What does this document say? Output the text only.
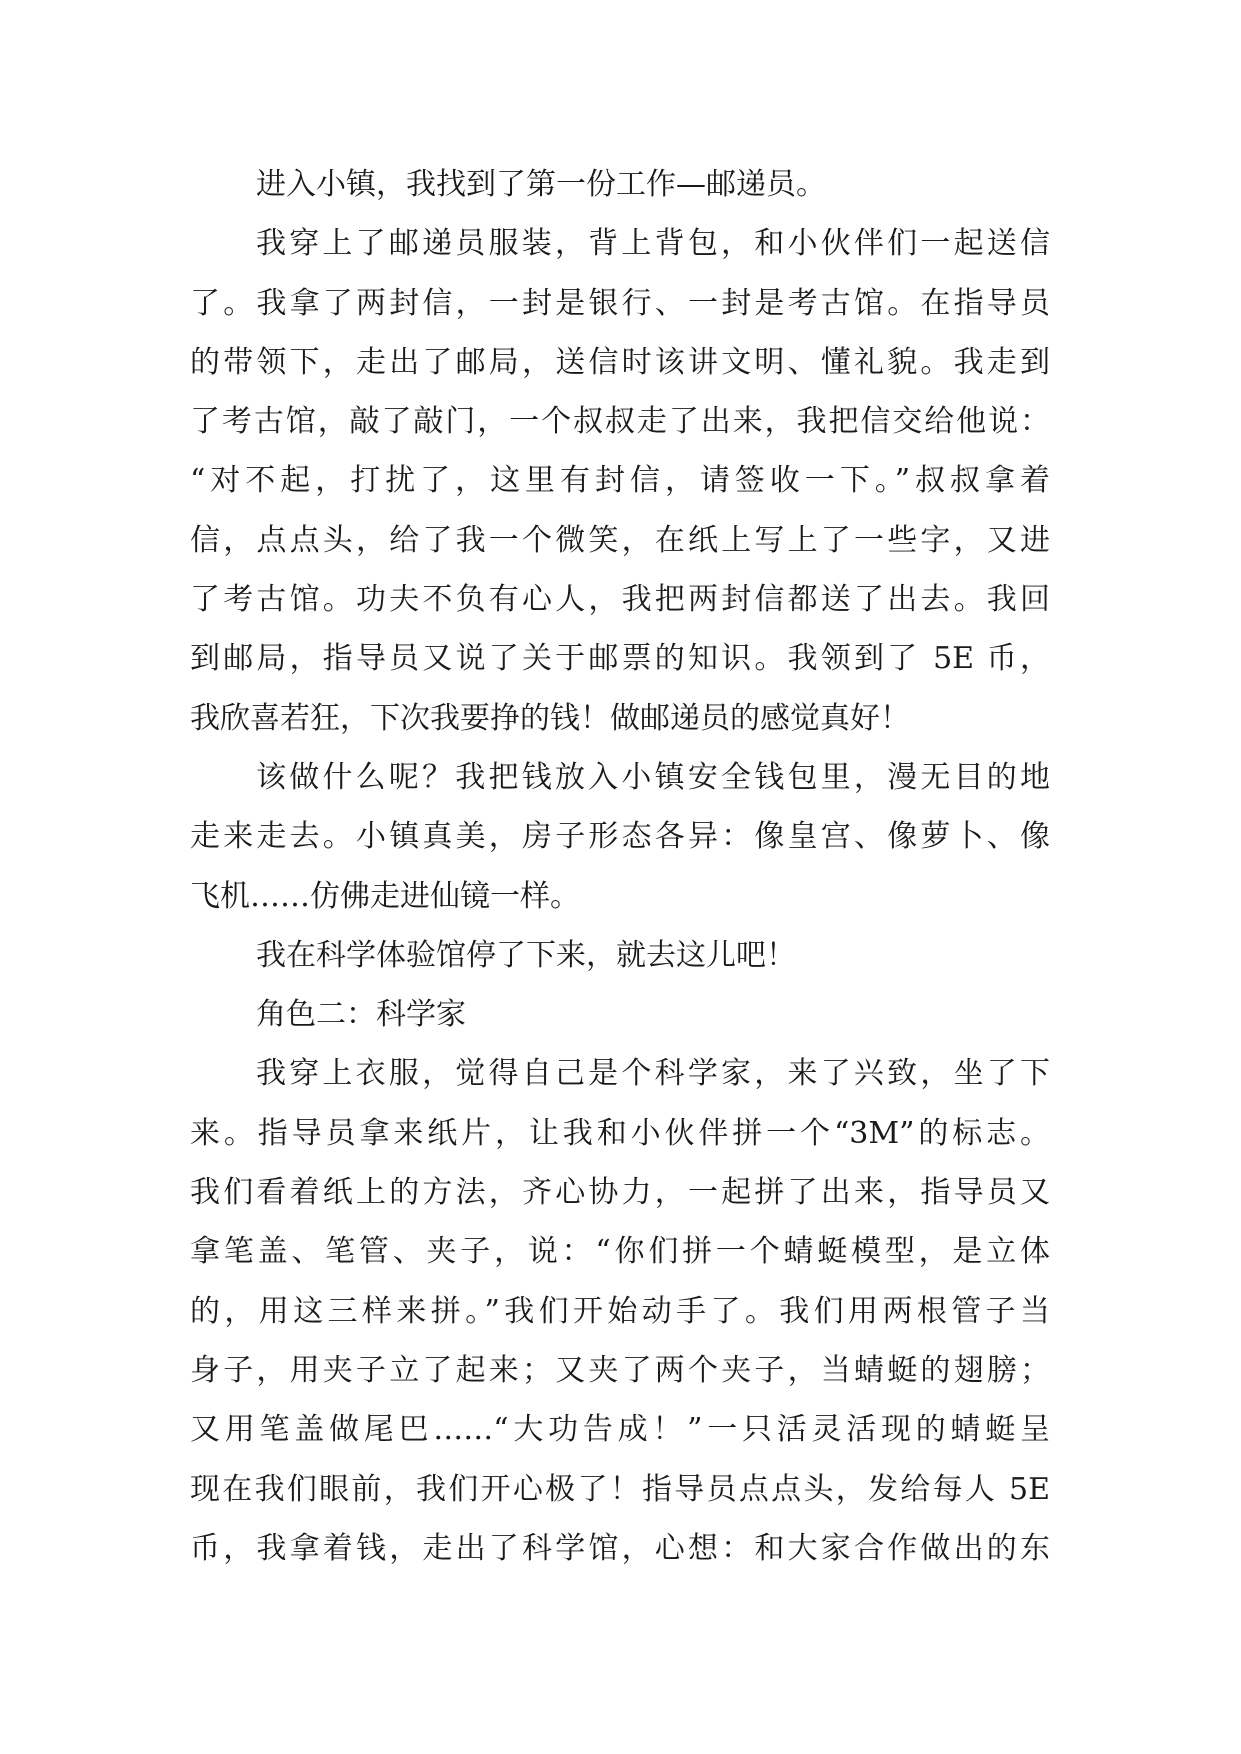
进入小镇，我找到了第一份工作—邮递员。
我穿上了邮递员服装，背上背包，和小伙伴们一起送信
了。我拿了两封信，一封是银行、一封是考古馆。在指导员
的带领下，走出了邮局，送信时该讲文明、懂礼貌。我走到
了考古馆，敲了敲门，一个叔叔走了出来，我把信交给他说：
“对不起，打扰了，这里有封信，请签收一下。”叔叔拿着
信，点点头，给了我一个微笑，在纸上写上了一些字，又进
了考古馆。功夫不负有心人，我把两封信都送了出去。我回
到邮局，指导员又说了关于邮票的知识。我领到了 5E 币，
我欣喜若狂，下次我要挣的钱！做邮递员的感觉真好！
该做什么呢？我把钱放入小镇安全钱包里，漫无目的地
走来走去。小镇真美，房子形态各异：像皇宫、像萝卜、像
飞机……仿佛走进仙镜一样。
我在科学体验馆停了下来，就去这儿吧！
角色二：科学家
我穿上衣服，觉得自己是个科学家，来了兴致，坐了下
来。指导员拿来纸片，让我和小伙伴拼一个“3M”的标志。
我们看着纸上的方法，齐心协力，一起拼了出来，指导员又
拿笔盖、笔管、夹子，说：“你们拼一个蜻蜓模型，是立体
的，用这三样来拼。”我们开始动手了。我们用两根管子当
身子，用夹子立了起来；又夹了两个夹子，当蜻蜓的翅膀；
又用笔盖做尾巴……“大功告成！”一只活灵活现的蜻蜓呈
现在我们眼前，我们开心极了！指导员点点头，发给每人 5E
币，我拿着钱，走出了科学馆，心想：和大家合作做出的东
